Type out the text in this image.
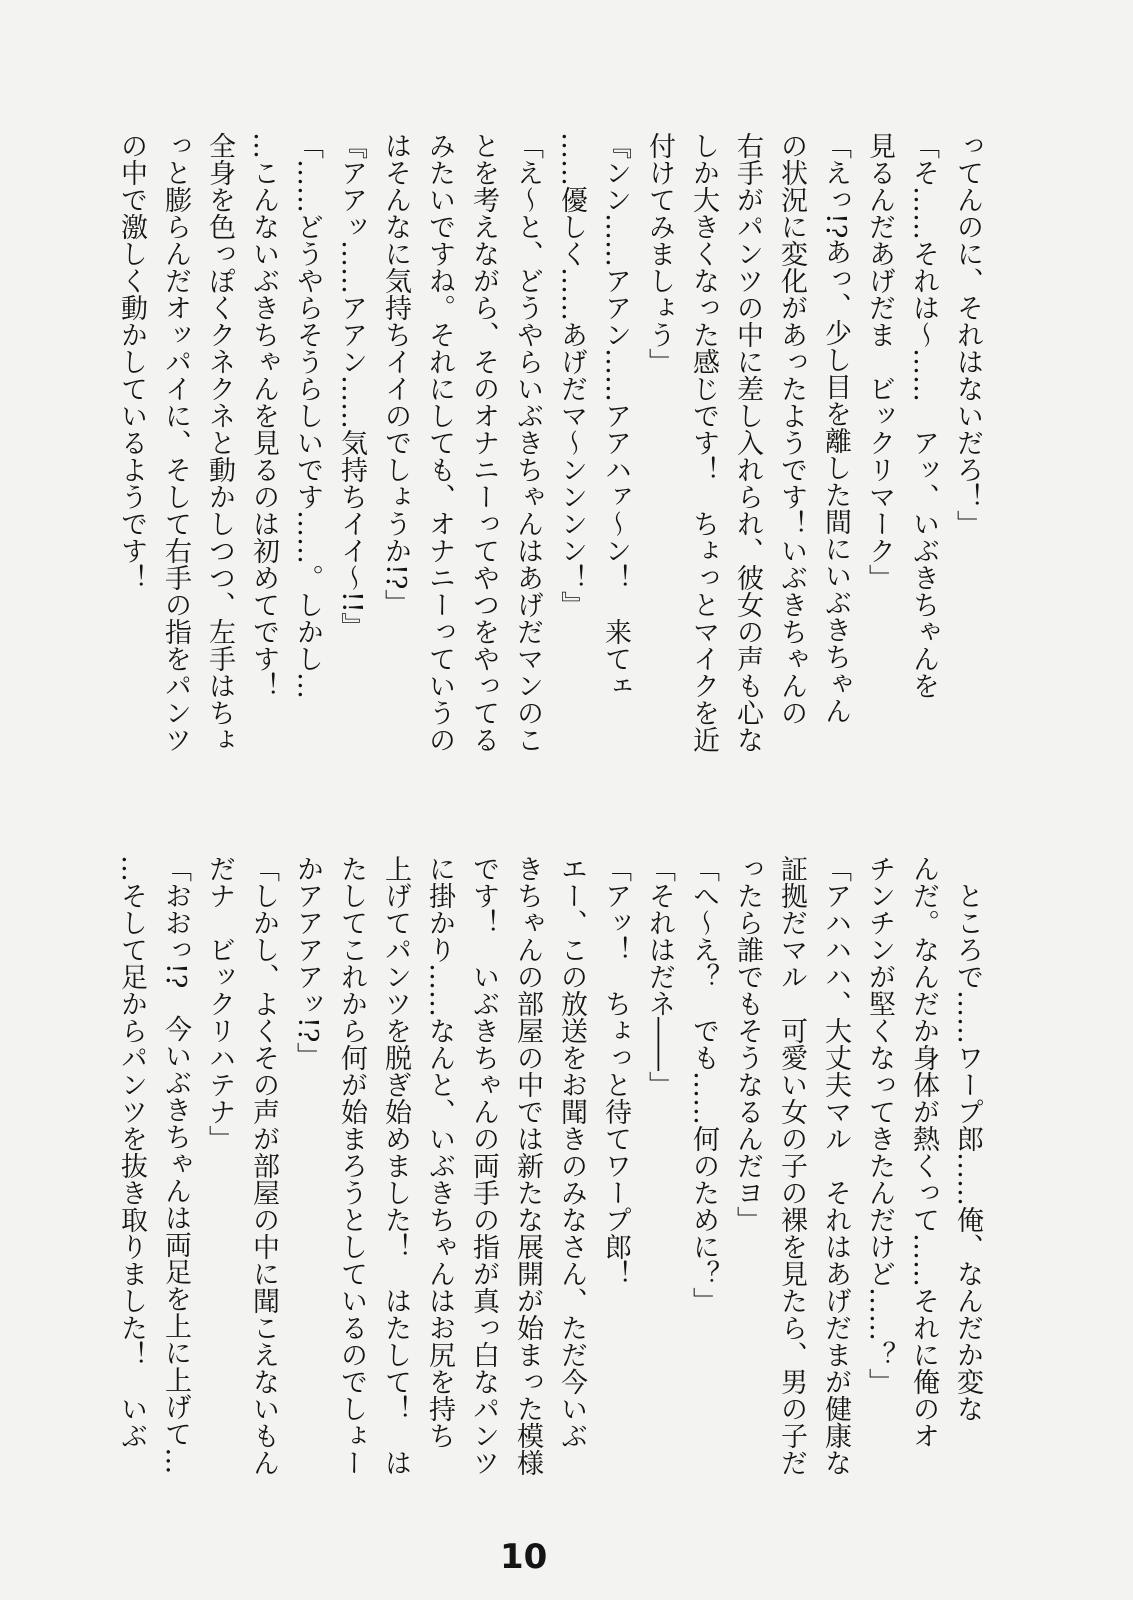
ってんのに、それはないだろ！」
「そ……それは〜……　アッ、いぶきちゃんを
見るんだあげだま　ビックリマーク」
「えっ!?あっ、少し目を離した間にいぶきちゃん
の状況に変化があったようです！いぶきちゃんの
右手がパンツの中に差し入れられ、彼女の声も心な
しか大きくなった感じです！　ちょっとマイクを近
付けてみましょう」
『ンン……アアン……アアハァ〜ン！　来てェ
……優しく……あげだマ〜ンンンン！』
「え〜と、どうやらいぶきちゃんはあげだマンのこ
とを考えながら、そのオナニーってやつをやってる
みたいですね。それにしても、オナニーっていうの
はそんなに気持ちイイのでしょうか!?」
『アアッ……アアン……気持ちイイ〜!!』
「……どうやらそうらしいです……。しかし…
…こんないぶきちゃんを見るのは初めてです！
全身を色っぽくクネクネと動かしつつ、左手はちょ
っと膨らんだオッパイに、そして右手の指をパンツ
の中で激しく動かしているようです！
　ところで……ワープ郎……俺、なんだか変な
んだ。なんだか身体が熱くって……それに俺のオ
チンチンが堅くなってきたんだけど……？」
「アハハハ、大丈夫マル　それはあげだまが健康な
証拠だマル　可愛い女の子の裸を見たら、男の子だ
ったら誰でもそうなるんだヨ」
「へ〜え？　でも……何のために？」
「それはだネ――」
「アッ！　ちょっと待てワープ郎！
エー、この放送をお聞きのみなさん、ただ今いぶ
きちゃんの部屋の中では新たな展開が始まった模様
です！　いぶきちゃんの両手の指が真っ白なパンツ
に掛かり……なんと、いぶきちゃんはお尻を持ち
上げてパンツを脱ぎ始めました！　はたして！　は
たしてこれから何が始まろうとしているのでしょー
かアアアアッ!?」
「しかし、よくその声が部屋の中に聞こえないもん
だナ　ビックリハテナ」
「おおっ!?　今いぶきちゃんは両足を上に上げて…
…そして足からパンツを抜き取りました！　いぶ
10
